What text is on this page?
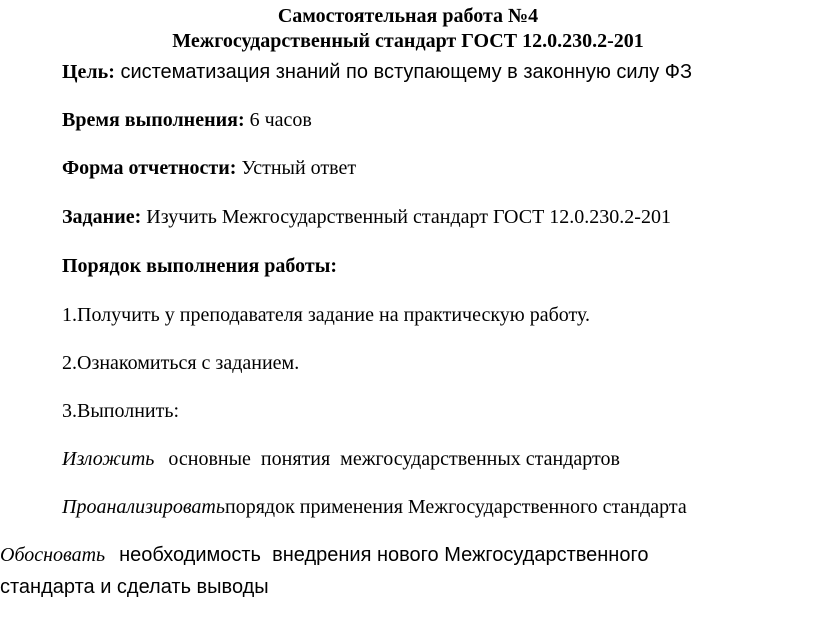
Самостоятельная работа №4
Межгосударственный стандарт ГОСТ 12.0.230.2-201
Цель: систематизация знаний по вступающему в законную силу ФЗ
Время выполнения: 6 часов
Форма отчетности: Устный ответ
Задание: Изучить Межгосударственный стандарт ГОСТ 12.0.230.2-201
Порядок выполнения работы:
1.Получить у преподавателя задание на практическую работу.
2.Ознакомиться с заданием.
3.Выполнить:
Изложить основные  понятия  межгосударственных стандартов
Проанализироватьпорядок применения Межгосударственного стандарта
Обосновать необходимость  внедрения нового Межгосударственного
стандарта и сделать выводы
